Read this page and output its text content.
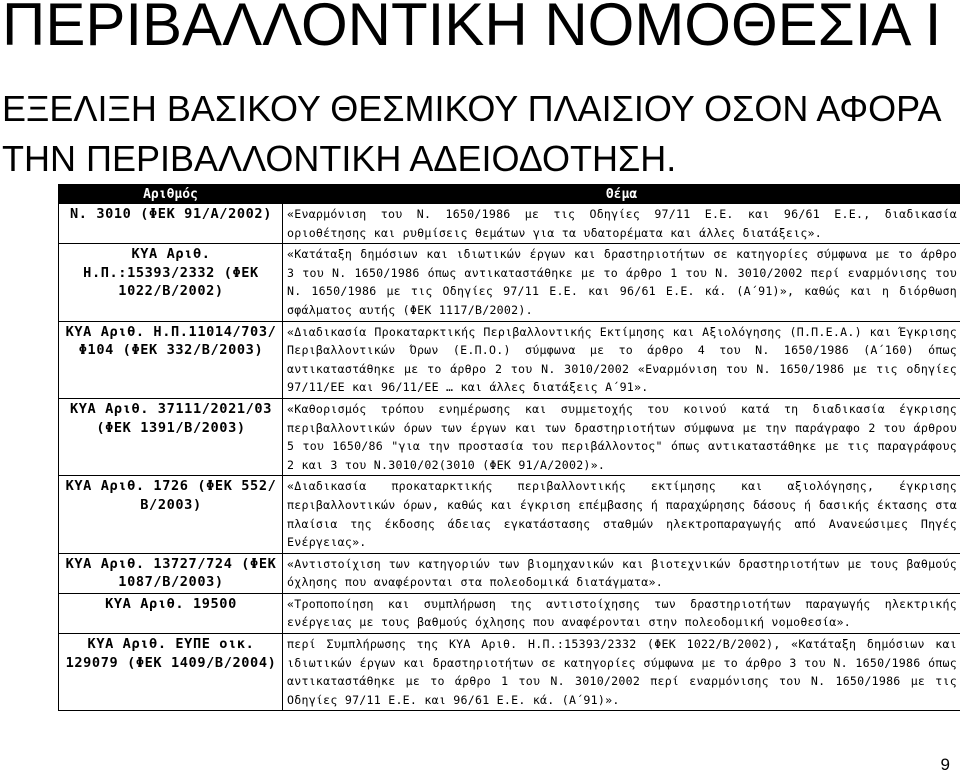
ΠΕΡΙΒΑΛΛΟΝΤΙΚΗ ΝΟΜΟΘΕΣΙΑ Ι
ΕΞΕΛΙΞΗ ΒΑΣΙΚΟΥ ΘΕΣΜΙΚΟΥ ΠΛΑΙΣΙΟΥ ΟΣΟΝ ΑΦΟΡΑ
ΤΗΝ ΠΕΡΙΒΑΛΛΟΝΤΙΚΗ ΑΔΕΙΟΔΟΤΗΣΗ.
Αριθμός	Θέμα
Ν. 3010 (ΦΕΚ 91/Α/2002)	«Εναρμόνιση του Ν. 1650/1986 με τις Οδηγίες 97/11 Ε.Ε. και 96/61 Ε.Ε., διαδικασία οριοθέτησης και ρυθμίσεις θεμάτων για τα υδατορέματα και άλλες διατάξεις».
ΚΥΑ Αριθ. Η.Π.:15393/2332 (ΦΕΚ 1022/Β/2002)	«Κατάταξη δημόσιων και ιδιωτικών έργων και δραστηριοτήτων σε κατηγορίες σύμφωνα με το άρθρο 3 του Ν. 1650/1986 όπως αντικαταστάθηκε με το άρθρο 1 του Ν. 3010/2002 περί εναρμόνισης του Ν. 1650/1986 με τις Οδηγίες 97/11 Ε.Ε. και 96/61 Ε.Ε. κά. (Α΄91)», καθώς και η διόρθωση σφάλματος αυτής (ΦΕΚ 1117/Β/2002).
ΚΥΑ Αριθ. Η.Π.11014/703/Φ104 (ΦΕΚ 332/Β/2003)	«Διαδικασία Προκαταρκτικής Περιβαλλοντικής Εκτίμησης και Αξιολόγησης (Π.Π.Ε.Α.) και Έγκρισης Περιβαλλοντικών Όρων (Ε.Π.Ο.) σύμφωνα με το άρθρο 4 του Ν. 1650/1986 (Α΄160) όπως αντικαταστάθηκε με το άρθρο 2 του Ν. 3010/2002 «Εναρμόνιση του Ν. 1650/1986 με τις οδηγίες 97/11/ΕΕ και 96/11/ΕΕ … και άλλες διατάξεις Α΄91».
ΚΥΑ Αριθ. 37111/2021/03 (ΦΕΚ 1391/Β/2003)	«Καθορισμός τρόπου ενημέρωσης και συμμετοχής του κοινού κατά τη διαδικασία έγκρισης περιβαλλοντικών όρων των έργων και των δραστηριοτήτων σύμφωνα με την παράγραφο 2 του άρθρου 5 του 1650/86 "για την προστασία του περιβάλλοντος" όπως αντικαταστάθηκε με τις παραγράφους 2 και 3 του Ν.3010/02(3010 (ΦΕΚ 91/Α/2002)».
ΚΥΑ Αριθ. 1726 (ΦΕΚ 552/Β/2003)	«Διαδικασία προκαταρκτικής περιβαλλοντικής εκτίμησης και αξιολόγησης, έγκρισης περιβαλλοντικών όρων, καθώς και έγκριση επέμβασης ή παραχώρησης δάσους ή δασικής έκτασης στα πλαίσια της έκδοσης άδειας εγκατάστασης σταθμών ηλεκτροπαραγωγής από Ανανεώσιμες Πηγές Ενέργειας».
ΚΥΑ Αριθ. 13727/724 (ΦΕΚ 1087/Β/2003)	«Αντιστοίχιση των κατηγοριών των βιομηχανικών και βιοτεχνικών δραστηριοτήτων με τους βαθμούς όχλησης που αναφέρονται στα πολεοδομικά διατάγματα».
ΚΥΑ Αριθ. 19500	«Τροποποίηση και συμπλήρωση της αντιστοίχησης των δραστηριοτήτων παραγωγής ηλεκτρικής ενέργειας με τους βαθμούς όχλησης που αναφέρονται στην πολεοδομική νομοθεσία».
ΚΥΑ Αριθ. ΕΥΠΕ οικ. 129079 (ΦΕΚ 1409/Β/2004)	περί Συμπλήρωσης της ΚΥΑ Αριθ. Η.Π.:15393/2332 (ΦΕΚ 1022/Β/2002), «Κατάταξη δημόσιων και ιδιωτικών έργων και δραστηριοτήτων σε κατηγορίες σύμφωνα με το άρθρο 3 του Ν. 1650/1986 όπως αντικαταστάθηκε με το άρθρο 1 του Ν. 3010/2002 περί εναρμόνισης του Ν. 1650/1986 με τις Οδηγίες 97/11 Ε.Ε. και 96/61 Ε.Ε. κά. (Α΄91)».
9
